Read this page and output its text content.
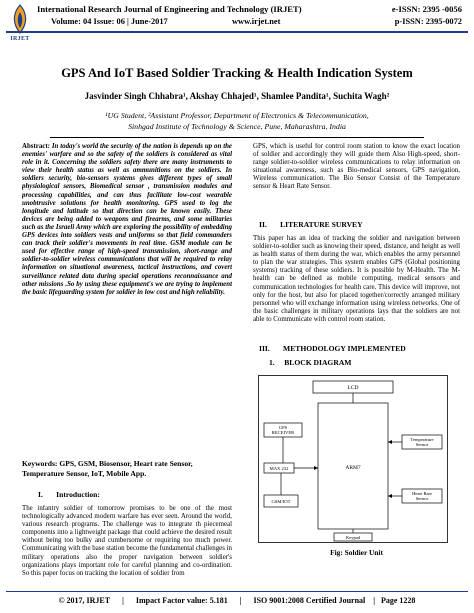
IRJET
International Research Journal of Engineering and Technology (IRJET)	e-ISSN: 2395 -0056
Volume: 04 Issue: 06 | June-2017	www.irjet.net	p-ISSN: 2395-0072
GPS And IoT Based Soldier Tracking & Health Indication System
Jasvinder Singh Chhabra¹, Akshay Chhajed¹, Shamlee Pandita¹, Suchita Wagh²
¹UG Student, ²Assistant Professor, Department of Electronics & Telecommunication,
Sinhgad Institute of Technology & Science, Pune, Maharashtra, India
Abstract: In today's world the security of the nation is depends up on the enemies' warfare and so the safety of the soldiers is considered as vital role in it. Concerning the soldiers safety there are many instruments to view their health status as well as ammunitions on the soldiers. In soldiers security, bio-sensors systems gives different types of small physiological sensors, Biomedical sensor , transmission modules and processing capabilities, and can thus facilitate low-cost wearable unobtrusive solutions for health monitoring. GPS used to log the longitude and latitude so that direction can be known easily. These devices are being added to weapons and firearms, and some militaries such as the Israeli Army which are exploring the possibility of embedding GPS devices into soldiers vests and uniforms so that field commanders can track their soldier's movements in real time. GSM module can be used for effective range of high-speed transmission, short-range and soldier-to-soldier wireless communications that will be required to relay information on situational awareness, tactical instructions, and covert surveillance related data during special operations reconnaissance and other missions .So by using these equipment's we are trying to implement the basic lifeguarding system for soldier in low cost and high reliability.
Keywords: GPS, GSM, Biosensor, Heart rate Sensor, Temperature Sensor, IoT, Mobile App.
I.       Introduction:
The infantry soldier of tomorrow promises to be one of the most technologically advanced modern warfare has ever seen. Around the world, various research programs. The challenge was to integrate th piecemeal components into a lightweight package that could achieve the desired result without being too bulky and cumbersome or requiring too much power. Communicating with the base station become the fundamental challenges in military operations also the proper navigation between soldier's organizations plays important role for careful planning and co-ordination. So this paper focus on tracking the location of soldier from
GPS, which is useful for control room station to know the exact location of soldier and accordingly they will guide them Also High-speed, short-range soldier-to-soldier wireless communications to relay information on situational awareness, such as Bio-medical sensors, GPS navigation, Wireless communication. The Bio Sensor Consist of the Temperature sensor & Heart Rate Sensor.
II.       LITERATURE SURVEY
This paper has an idea of tracking the soldier and navigation between soldier-to-soldier such as knowing their speed, distance, and height as well as health status of them during the war, which enables the army personnel to plan the war strategies. This system enables GPS (Global positioning systems) tracking of these soldiers. It is possible by M-Health. The M-health can be defined as mobile computing, medical sensors and communication technologies for health care. This device will improve, not only for the host, but also for placed together/correctly arranged military personnel who will exchange information using wireless networks. One of the basic challenges in military operations lays that the soldiers are not able to Communicate with control room station.
III.       METHODOLOGY IMPLEMENTED
1.     BLOCK DIAGRAM
LCD
ARM7
GPS RECEIVER
MAX 232
GSM/IOT
Temperature Sensor
Heart Rate Sensor
Keypad
Fig: Soldier Unit
© 2017, IRJET      |      Impact Factor value: 5.181      |      ISO 9001:2008 Certified Journal    |   Page 1228
